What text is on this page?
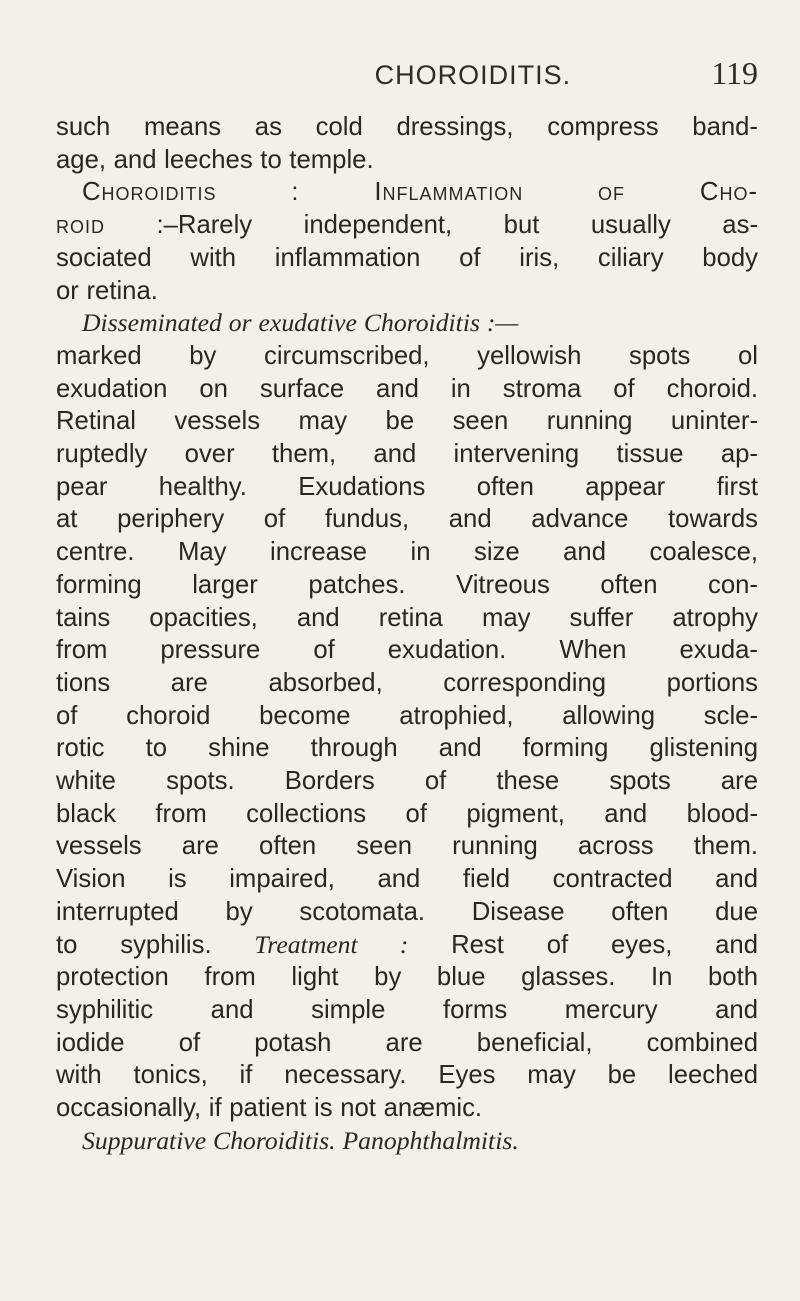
CHOROIDITIS.	119
such means as cold dressings, compress band-
age, and leeches to temple.
Choroiditis : Inflammation of Cho-
roid :–Rarely independent, but usually as-
sociated with inflammation of iris, ciliary body
or retina.
Disseminated or exudative Choroiditis :—
marked by circumscribed, yellowish spots ol
exudation on surface and in stroma of choroid.
Retinal vessels may be seen running uninter-
ruptedly over them, and intervening tissue ap-
pear healthy. Exudations often appear first
at periphery of fundus, and advance towards
centre. May increase in size and coalesce,
forming larger patches. Vitreous often con-
tains opacities, and retina may suffer atrophy
from pressure of exudation. When exuda-
tions are absorbed, corresponding portions
of choroid become atrophied, allowing scle-
rotic to shine through and forming glistening
white spots. Borders of these spots are
black from collections of pigment, and blood-
vessels are often seen running across them.
Vision is impaired, and field contracted and
interrupted by scotomata. Disease often due
to syphilis. Treatment : Rest of eyes, and
protection from light by blue glasses. In both
syphilitic and simple forms mercury and
iodide of potash are beneficial, combined
with tonics, if necessary. Eyes may be leeched
occasionally, if patient is not anæmic.
Suppurative Choroiditis. Panophthalmitis.
